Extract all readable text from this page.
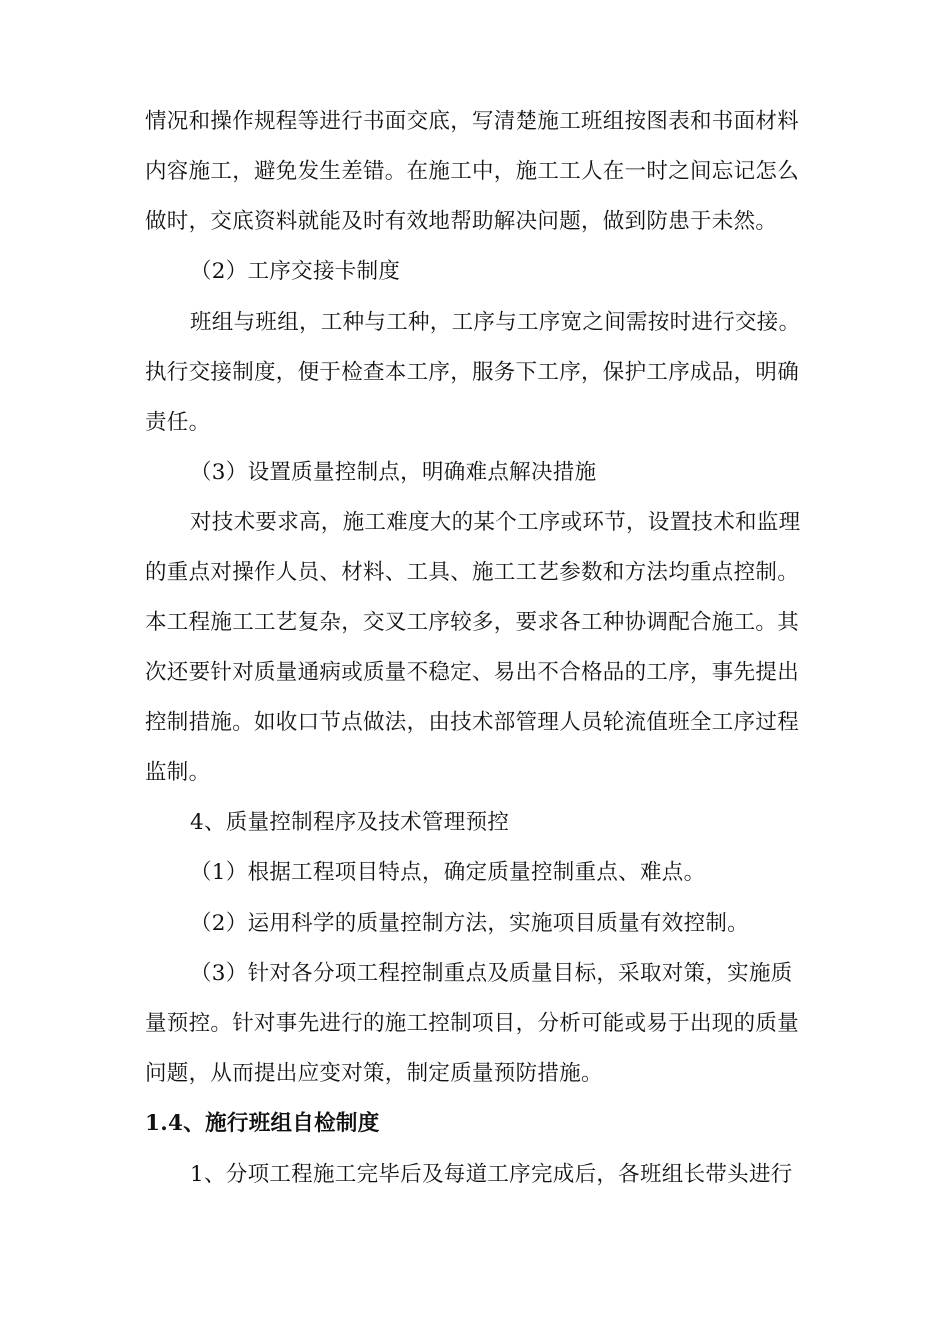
情况和操作规程等进行书面交底，写清楚施工班组按图表和书面材料
内容施工，避免发生差错。在施工中，施工工人在一时之间忘记怎么
做时，交底资料就能及时有效地帮助解决问题，做到防患于未然。
（2）工序交接卡制度
班组与班组，工种与工种，工序与工序宽之间需按时进行交接。
执行交接制度，便于检查本工序，服务下工序，保护工序成品，明确
责任。
（3）设置质量控制点，明确难点解决措施
对技术要求高，施工难度大的某个工序或环节，设置技术和监理
的重点对操作人员、材料、工具、施工工艺参数和方法均重点控制。
本工程施工工艺复杂，交叉工序较多，要求各工种协调配合施工。其
次还要针对质量通病或质量不稳定、易出不合格品的工序，事先提出
控制措施。如收口节点做法，由技术部管理人员轮流值班全工序过程
监制。
4、质量控制程序及技术管理预控
（1）根据工程项目特点，确定质量控制重点、难点。
（2）运用科学的质量控制方法，实施项目质量有效控制。
（3）针对各分项工程控制重点及质量目标，采取对策，实施质
量预控。针对事先进行的施工控制项目，分析可能或易于出现的质量
问题，从而提出应变对策，制定质量预防措施。
1.4、施行班组自检制度
1、分项工程施工完毕后及每道工序完成后，各班组长带头进行
